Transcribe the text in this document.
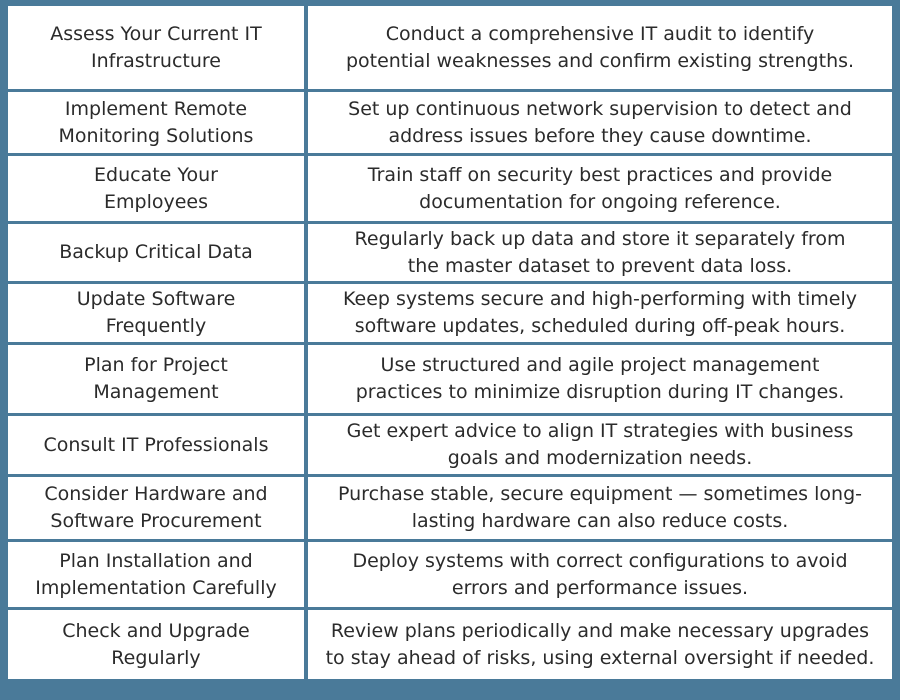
Assess Your Current IT
Infrastructure
Conduct a comprehensive IT audit to identify
potential weaknesses and confirm existing strengths.
Implement Remote
Monitoring Solutions
Set up continuous network supervision to detect and
address issues before they cause downtime.
Educate Your
Employees
Train staff on security best practices and provide
documentation for ongoing reference.
Backup Critical Data
Regularly back up data and store it separately from
the master dataset to prevent data loss.
Update Software
Frequently
Keep systems secure and high-performing with timely
software updates, scheduled during off-peak hours.
Plan for Project
Management
Use structured and agile project management
practices to minimize disruption during IT changes.
Consult IT Professionals
Get expert advice to align IT strategies with business
goals and modernization needs.
Consider Hardware and
Software Procurement
Purchase stable, secure equipment — sometimes long-
lasting hardware can also reduce costs.
Plan Installation and
Implementation Carefully
Deploy systems with correct configurations to avoid
errors and performance issues.
Check and Upgrade
Regularly
Review plans periodically and make necessary upgrades
to stay ahead of risks, using external oversight if needed.
